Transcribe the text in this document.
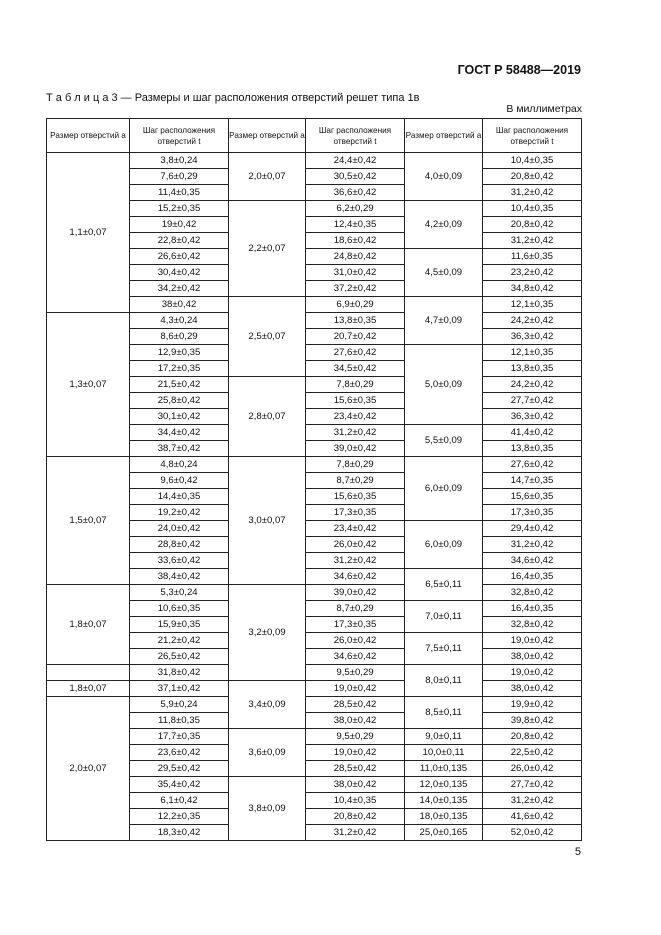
ГОСТ Р 58488—2019
Т а б л и ц а 3 — Размеры и шаг расположения отверстий решет типа 1в
В миллиметрах
Размер отверстий a	Шаг расположения отверстий t	Размер отверстий a	Шаг расположения отверстий t	Размер отверстий a	Шаг расположения отверстий t
1,1±0,07	3,8±0,24	2,0±0,07	24,4±0,42	4,0±0,09	10,4±0,35
	7,6±0,29		30,5±0,42		20,8±0,42
	11,4±0,35		36,6±0,42		31,2±0,42
	15,2±0,35	2,2±0,07	6,2±0,29	4,2±0,09	10,4±0,35
	19±0,42		12,4±0,35		20,8±0,42
	22,8±0,42		18,6±0,42		31,2±0,42
	26,6±0,42		24,8±0,42	4,5±0,09	11,6±0,35
	30,4±0,42		31,0±0,42		23,2±0,42
	34,2±0,42		37,2±0,42		34,8±0,42
	38±0,42	2,5±0,07	6,9±0,29	4,7±0,09	12,1±0,35
1,3±0,07	4,3±0,24		13,8±0,35		24,2±0,42
	8,6±0,29		20,7±0,42		36,3±0,42
	12,9±0,35		27,6±0,42	5,0±0,09	12,1±0,35
	17,2±0,35		34,5±0,42		13,8±0,35
	21,5±0,42	2,8±0,07	7,8±0,29		24,2±0,42
	25,8±0,42		15,6±0,35		27,7±0,42
	30,1±0,42		23,4±0,42		36,3±0,42
	34,4±0,42		31,2±0,42	5,5±0,09	41,4±0,42
	38,7±0,42		39,0±0,42		13,8±0,35
1,5±0,07	4,8±0,24	3,0±0,07	7,8±0,29	6,0±0,09	27,6±0,42
	9,6±0,42		8,7±0,29		14,7±0,35
	14,4±0,35		15,6±0,35		15,6±0,35
	19,2±0,42		17,3±0,35		17,3±0,35
	24,0±0,42		23,4±0,42	6,0±0,09	29,4±0,42
	28,8±0,42		26,0±0,42		31,2±0,42
	33,6±0,42		31,2±0,42		34,6±0,42
	38,4±0,42		34,6±0,42	6,5±0,11	16,4±0,35
1,8±0,07	5,3±0,24	3,2±0,09	39,0±0,42		32,8±0,42
	10,6±0,35		8,7±0,29	7,0±0,11	16,4±0,35
	15,9±0,35		17,3±0,35		32,8±0,42
	21,2±0,42		26,0±0,42	7,5±0,11	19,0±0,42
	26,5±0,42		34,6±0,42		38,0±0,42
	31,8±0,42		9,5±0,29	8,0±0,11	19,0±0,42
1,8±0,07	37,1±0,42	3,4±0,09	19,0±0,42		38,0±0,42
2,0±0,07	5,9±0,24		28,5±0,42	8,5±0,11	19,9±0,42
	11,8±0,35		38,0±0,42		39,8±0,42
	17,7±0,35	3,6±0,09	9,5±0,29	9,0±0,11	20,8±0,42
	23,6±0,42		19,0±0,42	10,0±0,11	22,5±0,42
	29,5±0,42		28,5±0,42	11,0±0,135	26,0±0,42
	35,4±0,42	3,8±0,09	38,0±0,42	12,0±0,135	27,7±0,42
	6,1±0,42		10,4±0,35	14,0±0,135	31,2±0,42
	12,2±0,35		20,8±0,42	18,0±0,135	41,6±0,42
	18,3±0,42		31,2±0,42	25,0±0,165	52,0±0,42
5
